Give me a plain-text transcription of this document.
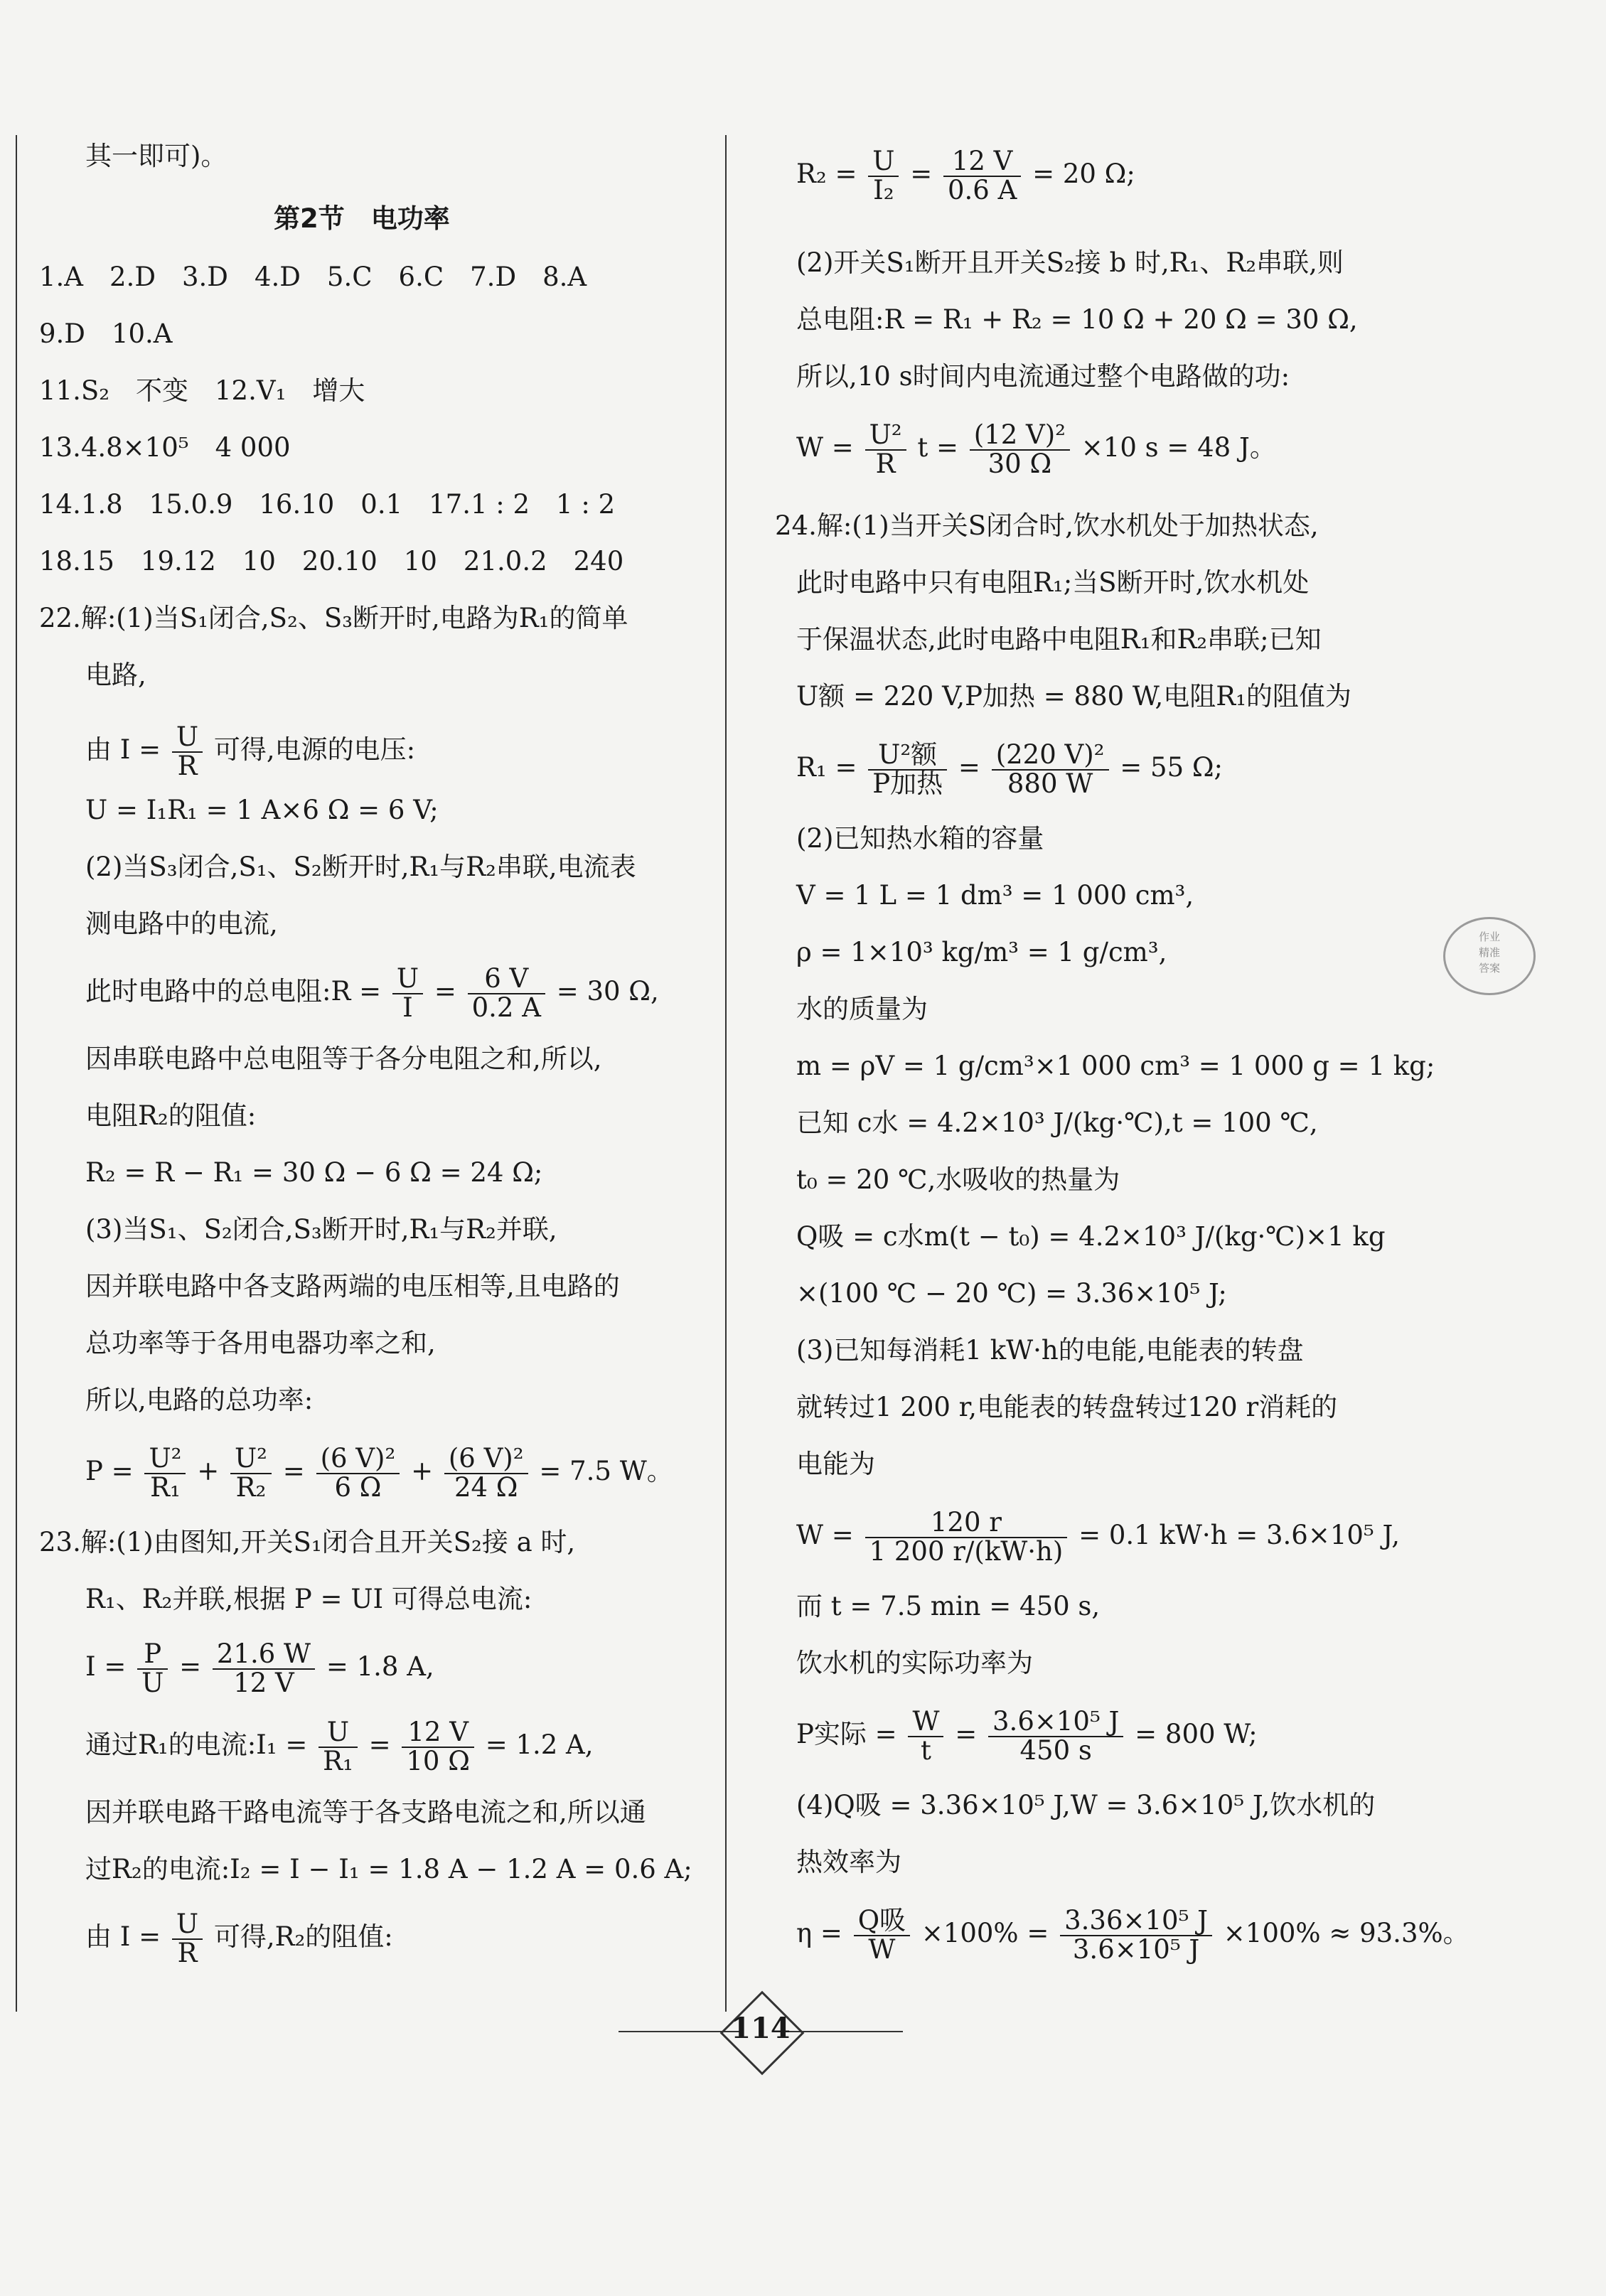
作业
精准
答案
其一即可)。
第2节　电功率
1.A　2.D　3.D　4.D　5.C　6.C　7.D　8.A
9.D　10.A
11.S₂　不变　12.V₁　增大
13.4.8×10⁵　4 000
14.1.8　15.0.9　16.10　0.1　17.1 : 2　1 : 2
18.15　19.12　10　20.10　10　21.0.2　240
22.解:(1)当S₁闭合,S₂、S₃断开时,电路为R₁的简单
电路,
由 $I = \frac{U}{R}$ 可得,电源的电压:
U = I₁R₁ = 1 A×6 Ω = 6 V;
(2)当S₃闭合,S₁、S₂断开时,R₁与R₂串联,电流表
测电路中的电流,
此时电路中的总电阻:R = $\frac{U}{I} = \frac{6 V}{0.2 A} = 30$ Ω,
因串联电路中总电阻等于各分电阻之和,所以,
电阻R₂的阻值:
R₂ = R − R₁ = 30 Ω − 6 Ω = 24 Ω;
(3)当S₁、S₂闭合,S₃断开时,R₁与R₂并联,
因并联电路中各支路两端的电压相等,且电路的
总功率等于各用电器功率之和,
所以,电路的总功率:
$P = \frac{\text{U²}}{\text{R₁}} + \frac{\text{U²}}{\text{R₂}} = \frac{\text{(6 V)²}}{6 \Omega} + \frac{\text{(6 V)²}}{24 \Omega} = 7.5$ W。
23.解:(1)由图知,开关S₁闭合且开关S₂接 a 时,
R₁、R₂并联,根据 P = UI 可得总电流:
$I = \frac{P}{U} = \frac{21.6 W}{12 V} = 1.8$ A,
通过R₁的电流:I₁ = $\frac{U}{\text{R₁}} = \frac{12 V}{10 \Omega} = 1.2$ A,
因并联电路干路电流等于各支路电流之和,所以通
过R₂的电流:I₂ = I − I₁ = 1.8 A − 1.2 A = 0.6 A;
由 $I = \frac{U}{R}$ 可得,R₂的阻值:
$R_2 = \frac{U}{\text{I₂}} = \frac{12 V}{0.6 A} = 20$ Ω;
(2)开关S₁断开且开关S₂接 b 时,R₁、R₂串联,则
总电阻:R = R₁ + R₂ = 10 Ω + 20 Ω = 30 Ω,
所以,10 s时间内电流通过整个电路做的功:
$W = \frac{\text{U²}}{R}$ $t = \frac{\text{(12 V)²}}{30 \Omega} \times 10$ s = 48 J。
24.解:(1)当开关S闭合时,饮水机处于加热状态,
此时电路中只有电阻R₁;当S断开时,饮水机处
于保温状态,此时电路中电阻R₁和R₂串联;已知
U额 = 220 V,P加热 = 880 W,电阻R₁的阻值为
$R_1 = \frac{\text{U²额}}{\text{P加热}} = \frac{\text{(220 V)²}}{880 W} = 55$ Ω;
(2)已知热水箱的容量
V = 1 L = 1 dm³ = 1 000 cm³,
ρ = 1×10³ kg/m³ = 1 g/cm³,
水的质量为
m = ρV = 1 g/cm³×1 000 cm³ = 1 000 g = 1 kg;
已知 c水 = 4.2×10³ J/(kg·℃),t = 100 ℃,
t₀ = 20 ℃,水吸收的热量为
Q吸 = c水m(t − t₀) = 4.2×10³ J/(kg·℃)×1 kg
×(100 ℃ − 20 ℃) = 3.36×10⁵ J;
(3)已知每消耗1 kW·h的电能,电能表的转盘
就转过1 200 r,电能表的转盘转过120 r消耗的
电能为
$W = \frac{120 r}{1 200 r/(kW\cdot h)} = 0.1$ kW·h = 3.6×10⁵ J,
而 t = 7.5 min = 450 s,
饮水机的实际功率为
P实际 = $\frac{W}{t} = \frac{\text{3.6×10⁵ J}}{450 s} = 800$ W;
(4)Q吸 = 3.36×10⁵ J,W = 3.6×10⁵ J,饮水机的
热效率为
$\eta = \frac{\text{Q吸}}{W} \times 100\% = \frac{\text{3.36×10⁵ J}}{\text{3.6×10⁵ J}} \times 100\% \approx 93.3\%$。
114
